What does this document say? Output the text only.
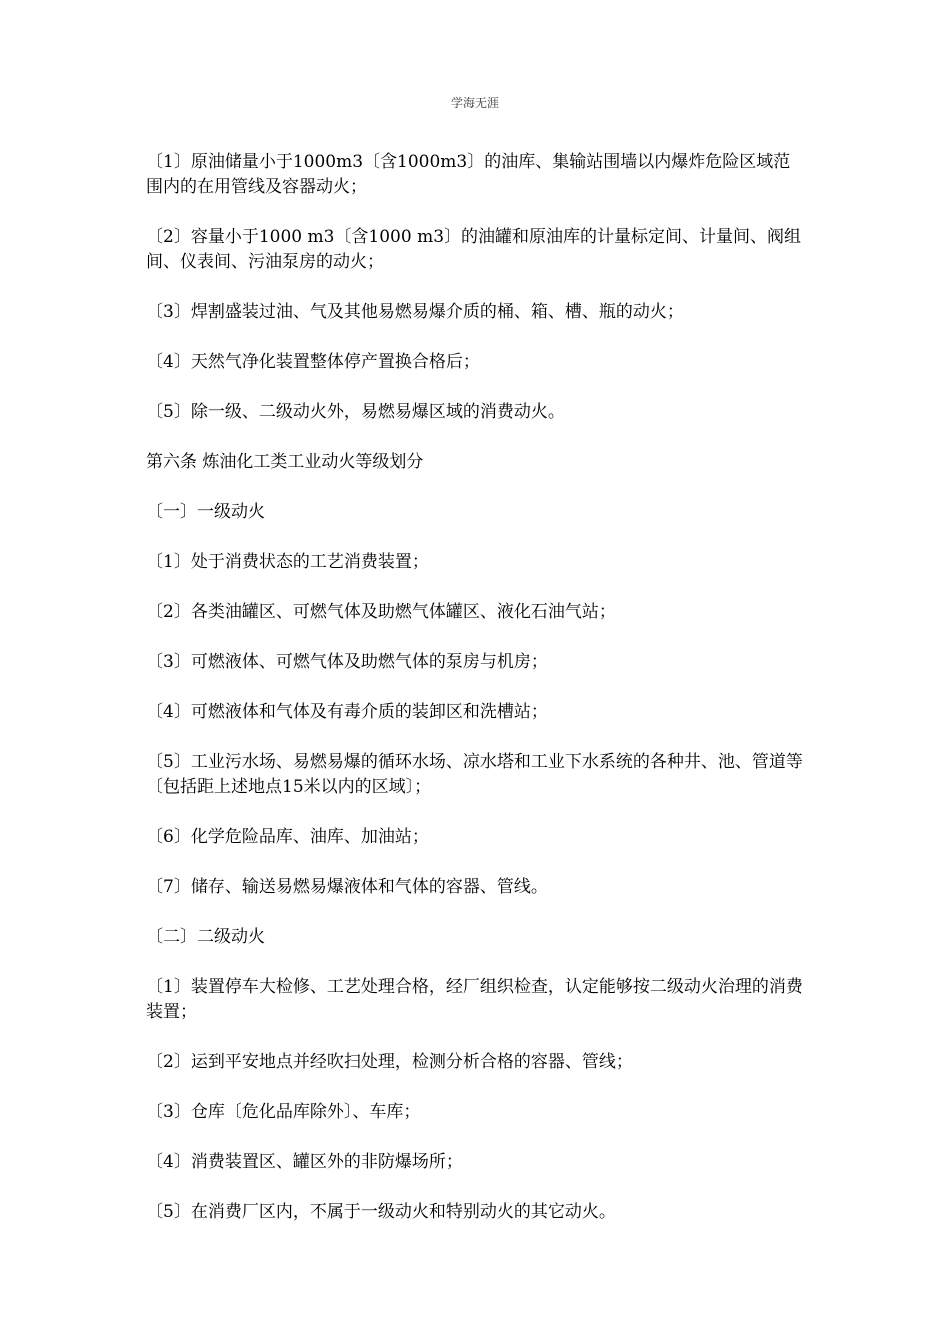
学海无涯

〔1〕原油储量小于1000m3〔含1000m3〕的油库、集输站围墙以内爆炸危险区域范围内的在用管线及容器动火；

〔2〕容量小于1000 m3〔含1000 m3〕的油罐和原油库的计量标定间、计量间、阀组间、仪表间、污油泵房的动火；

〔3〕焊割盛装过油、气及其他易燃易爆介质的桶、箱、槽、瓶的动火；

〔4〕天然气净化装置整体停产置换合格后；

〔5〕除一级、二级动火外，易燃易爆区域的消费动火。

第六条 炼油化工类工业动火等级划分

〔一〕一级动火

〔1〕处于消费状态的工艺消费装置；

〔2〕各类油罐区、可燃气体及助燃气体罐区、液化石油气站；

〔3〕可燃液体、可燃气体及助燃气体的泵房与机房；

〔4〕可燃液体和气体及有毒介质的装卸区和洗槽站；

〔5〕工业污水场、易燃易爆的循环水场、凉水塔和工业下水系统的各种井、池、管道等〔包括距上述地点15米以内的区域〕；

〔6〕化学危险品库、油库、加油站；

〔7〕储存、输送易燃易爆液体和气体的容器、管线。

〔二〕二级动火

〔1〕装置停车大检修、工艺处理合格，经厂组织检查，认定能够按二级动火治理的消费装置；

〔2〕运到平安地点并经吹扫处理，检测分析合格的容器、管线；

〔3〕仓库〔危化品库除外〕、车库；

〔4〕消费装置区、罐区外的非防爆场所；

〔5〕在消费厂区内，不属于一级动火和特别动火的其它动火。
